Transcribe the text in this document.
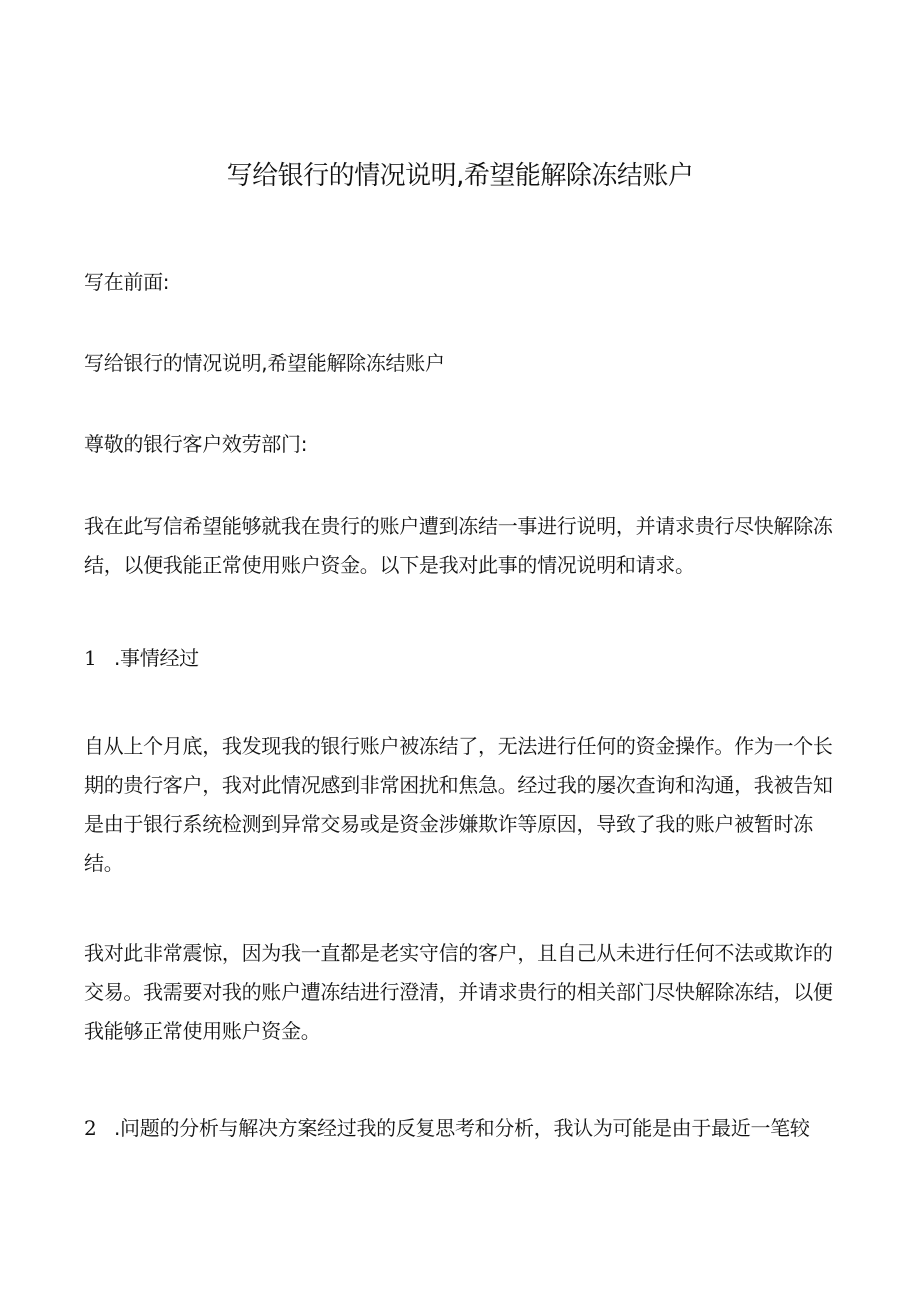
写给银行的情况说明,希望能解除冻结账户

写在前面:

写给银行的情况说明,希望能解除冻结账户

尊敬的银行客户效劳部门:

我在此写信希望能够就我在贵行的账户遭到冻结一事进行说明，并请求贵行尽快解除冻结，以便我能正常使用账户资金。以下是我对此事的情况说明和请求。

1 .事情经过

自从上个月底，我发现我的银行账户被冻结了，无法进行任何的资金操作。作为一个长期的贵行客户，我对此情况感到非常困扰和焦急。经过我的屡次查询和沟通，我被告知是由于银行系统检测到异常交易或是资金涉嫌欺诈等原因，导致了我的账户被暂时冻结。

我对此非常震惊，因为我一直都是老实守信的客户，且自己从未进行任何不法或欺诈的交易。我需要对我的账户遭冻结进行澄清，并请求贵行的相关部门尽快解除冻结，以便我能够正常使用账户资金。

2 .问题的分析与解决方案经过我的反复思考和分析，我认为可能是由于最近一笔较
